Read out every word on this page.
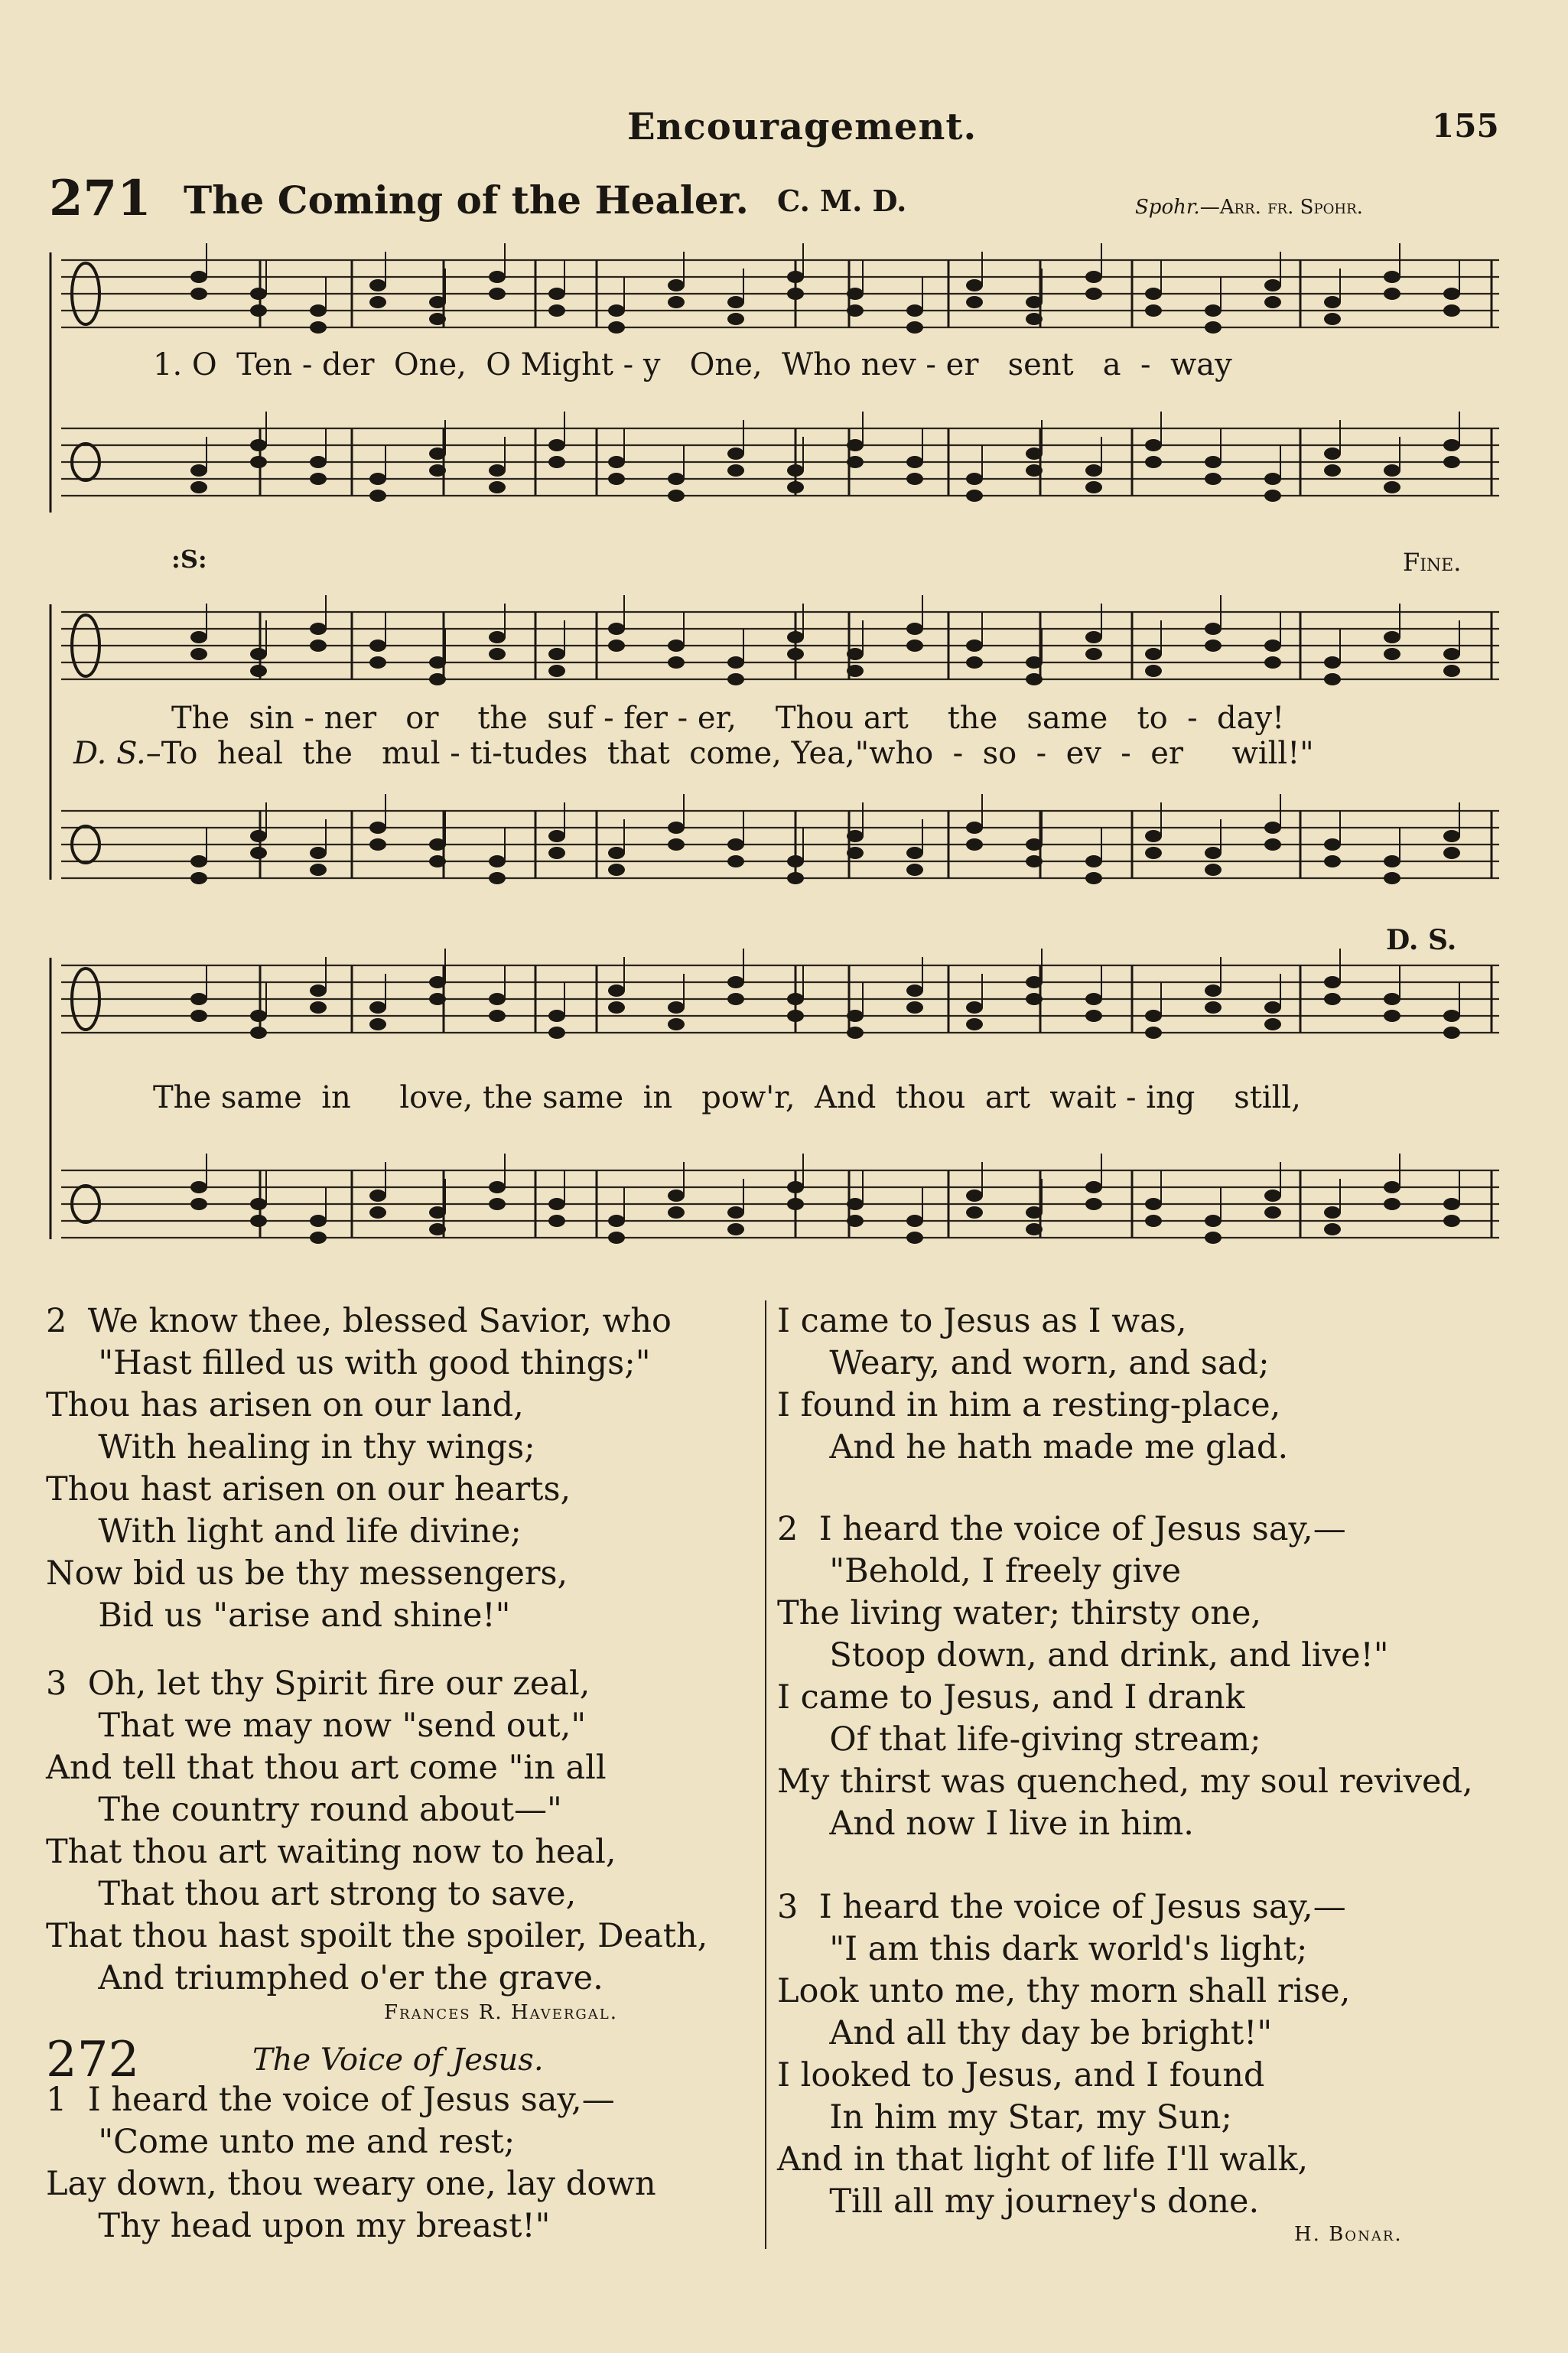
Encouragement.	155
271 The Coming of the Healer. C. M. D.	Spohr.—Arr. fr. Spohr.
:S:	Fine.
D. S.
1. O  Ten - der  One,  O Might - y   One,  Who nev - er   sent   a  -  way
The  sin - ner   or    the  suf - fer - er,    Thou art    the   same   to  -  day!
D. S.–To  heal  the   mul - ti-tudes  that  come, Yea,"who  -  so  -  ev  -  er     will!"
The same  in     love, the same  in   pow'r,  And  thou  art  wait - ing    still,
2  We know thee, blessed Savior, who
"Hast filled us with good things;"
Thou has arisen on our land,
With healing in thy wings;
Thou hast arisen on our hearts,
With light and life divine;
Now bid us be thy messengers,
Bid us "arise and shine!"
3  Oh, let thy Spirit fire our zeal,
That we may now "send out,"
And tell that thou art come "in all
The country round about—"
That thou art waiting now to heal,
That thou art strong to save,
That thou hast spoilt the spoiler, Death,
And triumphed o'er the grave.
Frances R. Havergal.
272	The Voice of Jesus.
1  I heard the voice of Jesus say,—
"Come unto me and rest;
Lay down, thou weary one, lay down
Thy head upon my breast!"
I came to Jesus as I was,
Weary, and worn, and sad;
I found in him a resting-place,
And he hath made me glad.
2  I heard the voice of Jesus say,—
"Behold, I freely give
The living water; thirsty one,
Stoop down, and drink, and live!"
I came to Jesus, and I drank
Of that life-giving stream;
My thirst was quenched, my soul revived,
And now I live in him.
3  I heard the voice of Jesus say,—
"I am this dark world's light;
Look unto me, thy morn shall rise,
And all thy day be bright!"
I looked to Jesus, and I found
In him my Star, my Sun;
And in that light of life I'll walk,
Till all my journey's done.
H. Bonar.
